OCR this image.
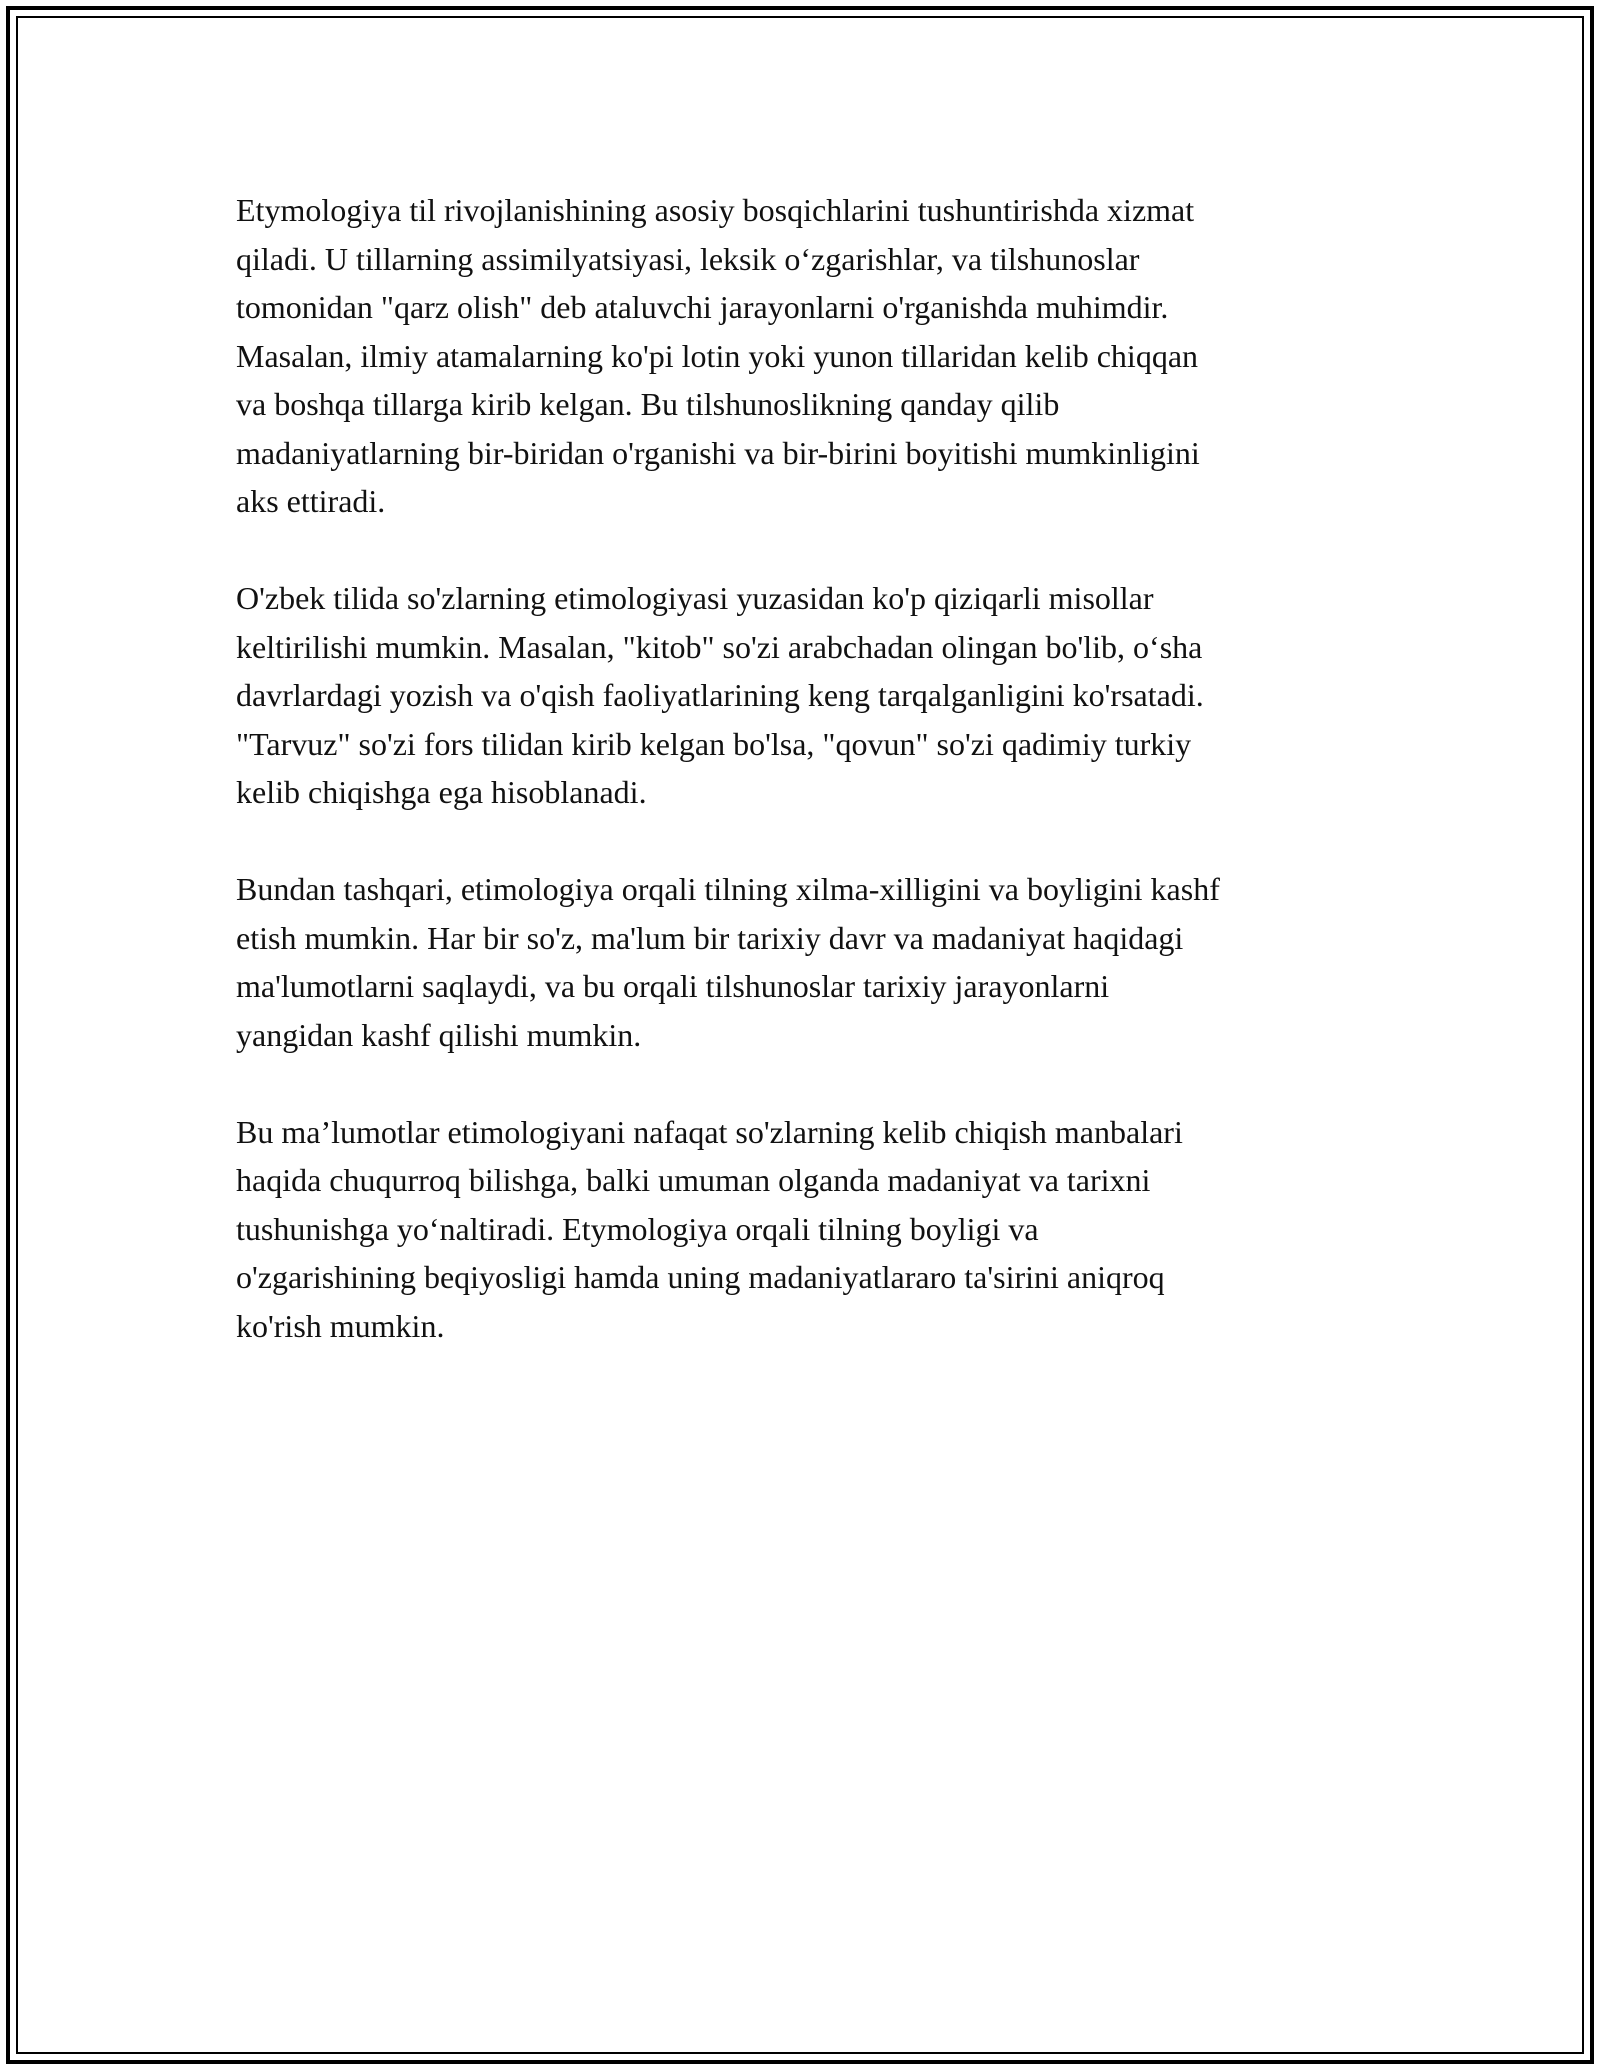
Etymologiya til rivojlanishining asosiy bosqichlarini tushuntirishda xizmat
qiladi. U tillarning assimilyatsiyasi, leksik o‘zgarishlar, va tilshunoslar
tomonidan "qarz olish" deb ataluvchi jarayonlarni o'rganishda muhimdir.
Masalan, ilmiy atamalarning ko'pi lotin yoki yunon tillaridan kelib chiqqan
va boshqa tillarga kirib kelgan. Bu tilshunoslikning qanday qilib
madaniyatlarning bir-biridan o'rganishi va bir-birini boyitishi mumkinligini
aks ettiradi.

O'zbek tilida so'zlarning etimologiyasi yuzasidan ko'p qiziqarli misollar
keltirilishi mumkin. Masalan, "kitob" so'zi arabchadan olingan bo'lib, o‘sha
davrlardagi yozish va o'qish faoliyatlarining keng tarqalganligini ko'rsatadi.
"Tarvuz" so'zi fors tilidan kirib kelgan bo'lsa, "qovun" so'zi qadimiy turkiy
kelib chiqishga ega hisoblanadi.

Bundan tashqari, etimologiya orqali tilning xilma-xilligini va boyligini kashf
etish mumkin. Har bir so'z, ma'lum bir tarixiy davr va madaniyat haqidagi
ma'lumotlarni saqlaydi, va bu orqali tilshunoslar tarixiy jarayonlarni
yangidan kashf qilishi mumkin.

Bu ma’lumotlar etimologiyani nafaqat so'zlarning kelib chiqish manbalari
haqida chuqurroq bilishga, balki umuman olganda madaniyat va tarixni
tushunishga yo‘naltiradi. Etymologiya orqali tilning boyligi va
o'zgarishining beqiyosligi hamda uning madaniyatlararo ta'sirini aniqroq
ko'rish mumkin.
